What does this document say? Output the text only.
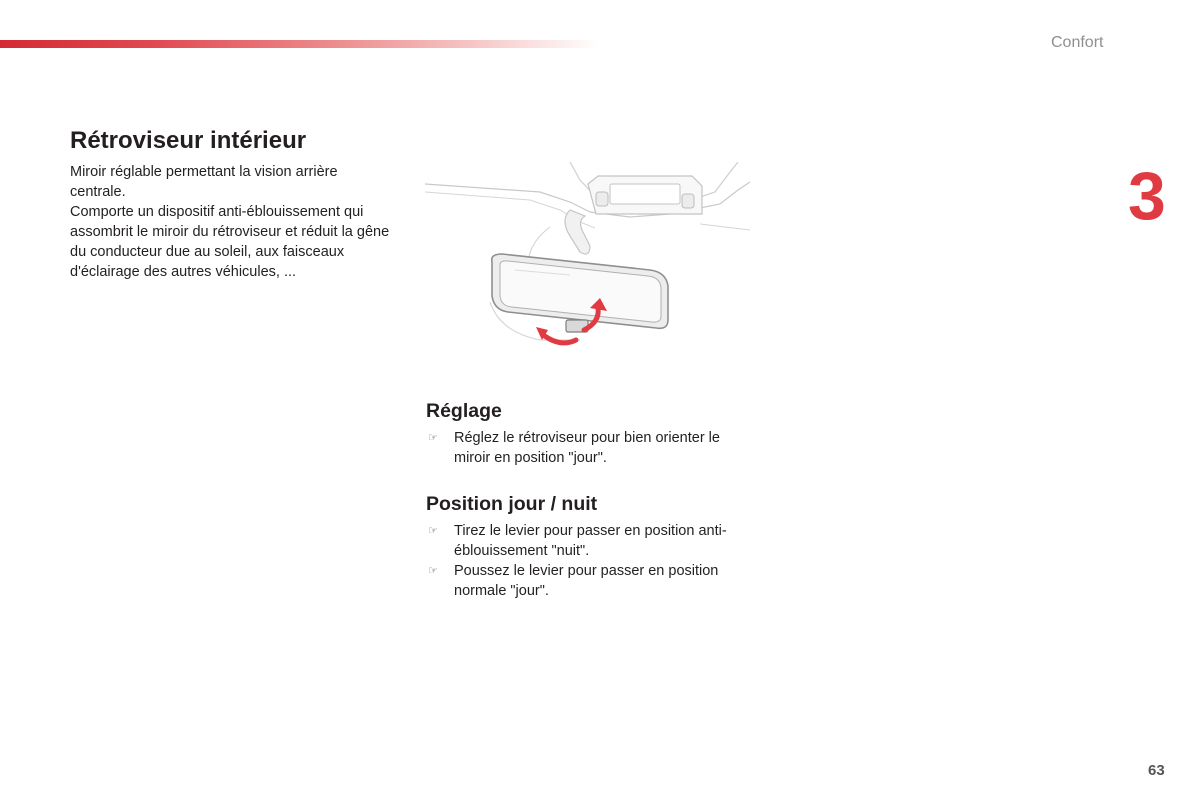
Confort
3
Rétroviseur intérieur

Miroir réglable permettant la vision arrière centrale.

Comporte un dispositif anti-éblouissement qui assombrit le miroir du rétroviseur et réduit la gêne du conducteur due au soleil, aux faisceaux d'éclairage des autres véhicules, ...

Réglage
☞ Réglez le rétroviseur pour bien orienter le miroir en position "jour".
Position jour / nuit
☞ Tirez le levier pour passer en position anti-éblouissement "nuit".
☞ Poussez le levier pour passer en position normale "jour".
63
